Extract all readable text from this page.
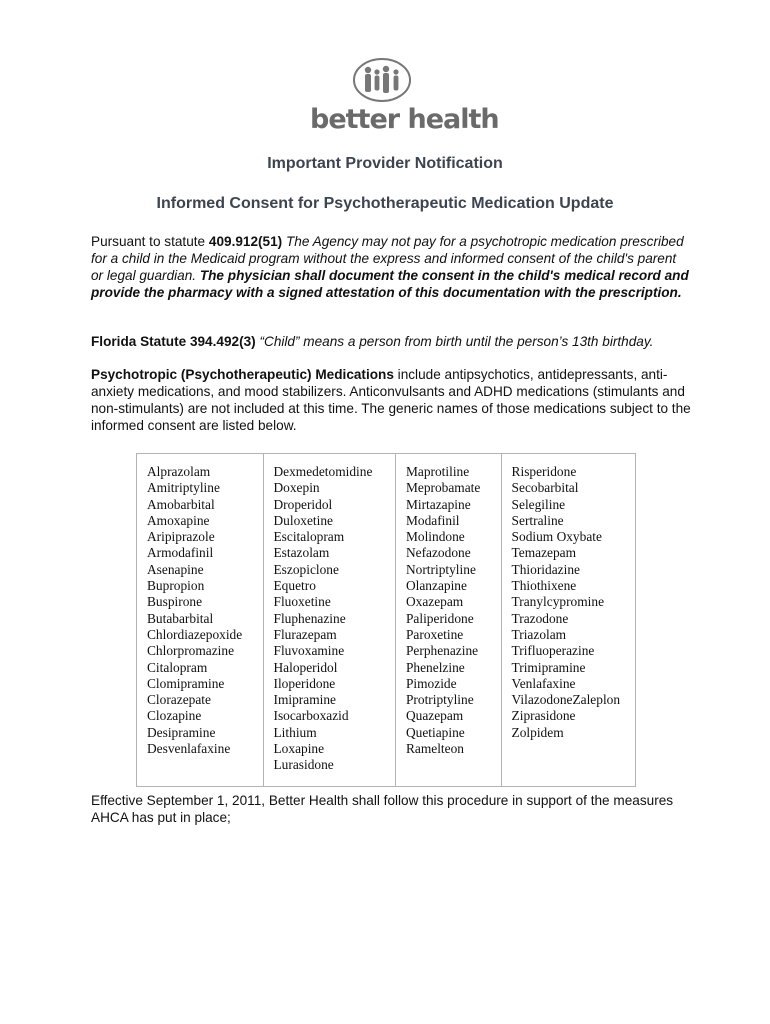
better health
Important Provider Notification
Informed Consent for Psychotherapeutic Medication Update
Pursuant to statute 409.912(51) The Agency may not pay for a psychotropic medication prescribed for a child in the Medicaid program without the express and informed consent of the child's parent or legal guardian. The physician shall document the consent in the child's medical record and provide the pharmacy with a signed attestation of this documentation with the prescription.
Florida Statute 394.492(3) “Child” means a person from birth until the person’s 13th birthday.
Psychotropic (Psychotherapeutic) Medications include antipsychotics, antidepressants, anti-anxiety medications, and mood stabilizers. Anticonvulsants and ADHD medications (stimulants and non-stimulants) are not included at this time. The generic names of those medications subject to the informed consent are listed below.
Alprazolam
Amitriptyline
Amobarbital
Amoxapine
Aripiprazole
Armodafinil
Asenapine
Bupropion
Buspirone
Butabarbital
Chlordiazepoxide
Chlorpromazine
Citalopram
Clomipramine
Clorazepate
Clozapine
Desipramine
Desvenlafaxine
Dexmedetomidine
Doxepin
Droperidol
Duloxetine
Escitalopram
Estazolam
Eszopiclone
Equetro
Fluoxetine
Fluphenazine
Flurazepam
Fluvoxamine
Haloperidol
Iloperidone
Imipramine
Isocarboxazid
Lithium
Loxapine
Lurasidone
Maprotiline
Meprobamate
Mirtazapine
Modafinil
Molindone
Nefazodone
Nortriptyline
Olanzapine
Oxazepam
Paliperidone
Paroxetine
Perphenazine
Phenelzine
Pimozide
Protriptyline
Quazepam
Quetiapine
Ramelteon
Risperidone
Secobarbital
Selegiline
Sertraline
Sodium Oxybate
Temazepam
Thioridazine
Thiothixene
Tranylcypromine
Trazodone
Triazolam
Trifluoperazine
Trimipramine
Venlafaxine
VilazodoneZaleplon
Ziprasidone
Zolpidem
Effective September 1, 2011, Better Health shall follow this procedure in support of the measures AHCA has put in place;
